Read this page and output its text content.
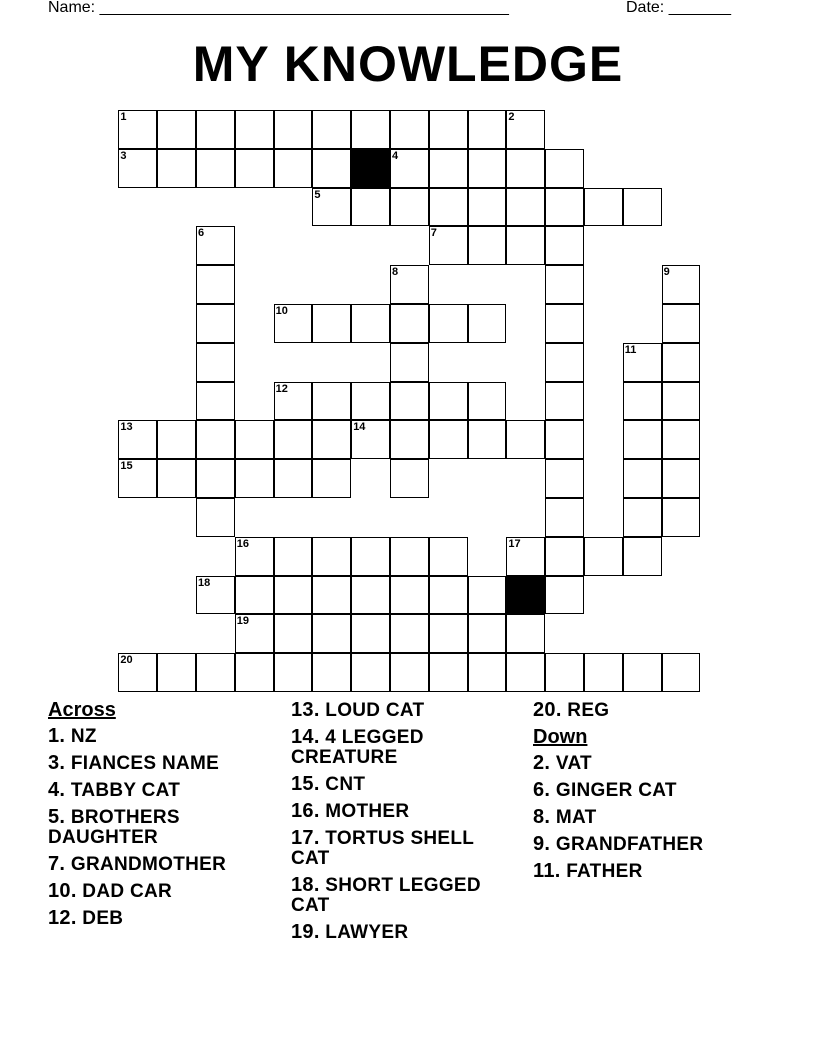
Name: ______________________________________________	Date: _______
MY KNOWLEDGE
1	2
3	4
5
6	7
8	9
10
11
12
13	14
15
16	17
18
19
20
Across
1. NZ
3. FIANCES NAME
4. TABBY CAT
5. BROTHERS DAUGHTER
7. GRANDMOTHER
10. DAD CAR
12. DEB
13. LOUD CAT
14. 4 LEGGED CREATURE
15. CNT
16. MOTHER
17. TORTUS SHELL CAT
18. SHORT LEGGED CAT
19. LAWYER
20. REG
Down
2. VAT
6. GINGER CAT
8. MAT
9. GRANDFATHER
11. FATHER
